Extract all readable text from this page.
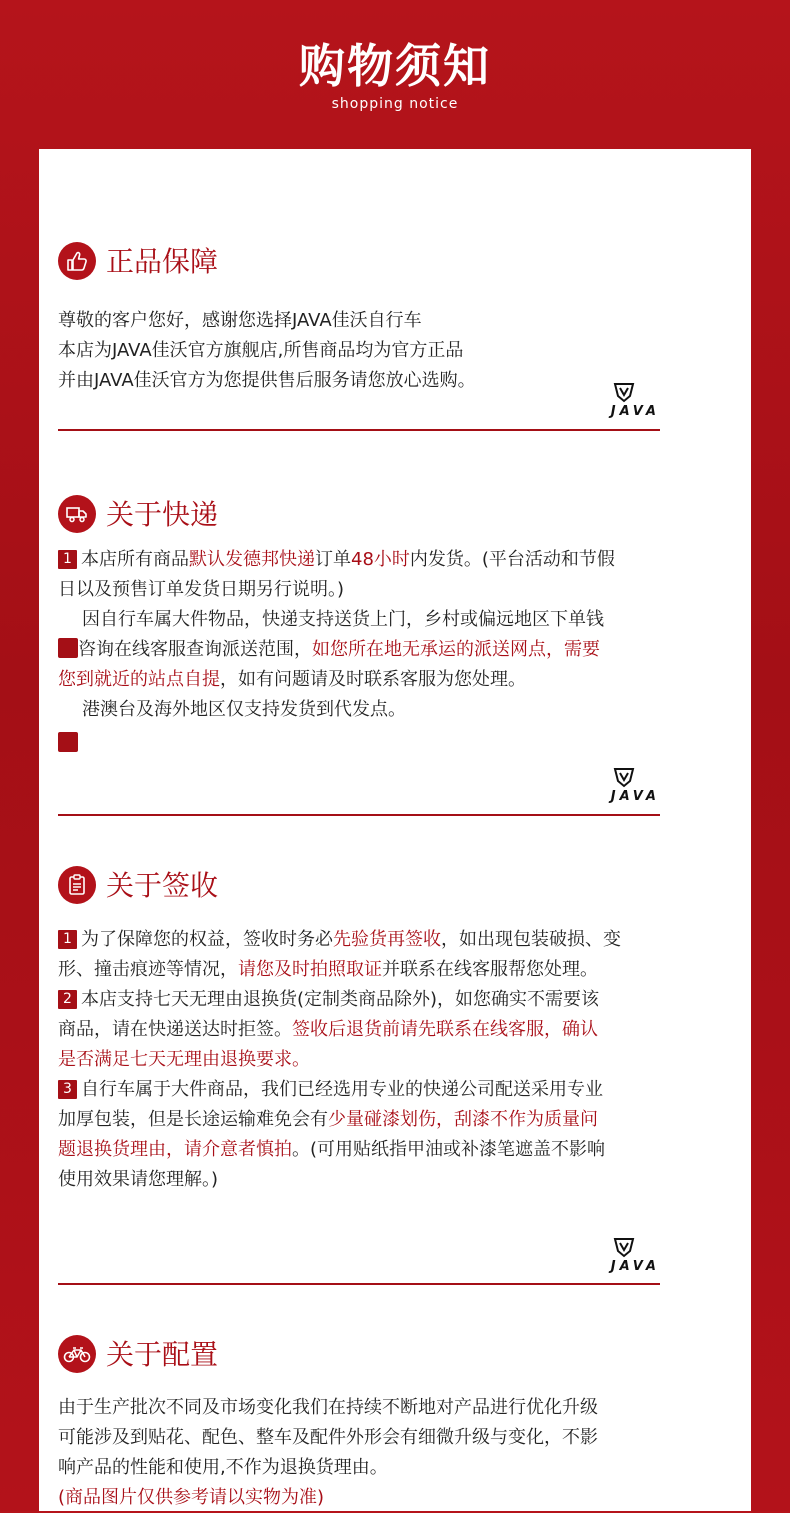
购物须知
shopping notice
正品保障

尊敬的客户您好，感谢您选择JAVA佳沃自行车

本店为JAVA佳沃官方旗舰店,所售商品均为官方正品

并由JAVA佳沃官方为您提供售后服务请您放心选购。

JAVA
关于快递

1 本店所有商品默认发德邦快递订单48小时内发货。(平台活动和节假

日以及预售订单发货日期另行说明。)

因自行车属大件物品，快递支持送货上门，乡村或偏远地区下单钱

咨询在线客服查询派送范围，如您所在地无承运的派送网点，需要

您到就近的站点自提，如有问题请及时联系客服为您处理。

港澳台及海外地区仅支持发货到代发点。

JAVA
关于签收

1 为了保障您的权益，签收时务必先验货再签收，如出现包装破损、变

形、撞击痕迹等情况，请您及时拍照取证并联系在线客服帮您处理。

2 本店支持七天无理由退换货(定制类商品除外)，如您确实不需要该

商品，请在快递送达时拒签。签收后退货前请先联系在线客服，确认

是否满足七天无理由退换要求。

3 自行车属于大件商品，我们已经选用专业的快递公司配送采用专业

加厚包装，但是长途运输难免会有少量碰漆划伤，刮漆不作为质量问

题退换货理由，请介意者慎拍。(可用贴纸指甲油或补漆笔遮盖不影响

使用效果请您理解。)

JAVA
关于配置

由于生产批次不同及市场变化我们在持续不断地对产品进行优化升级

可能涉及到贴花、配色、整车及配件外形会有细微升级与变化，不影

响产品的性能和使用,不作为退换货理由。

(商品图片仅供参考请以实物为准)
